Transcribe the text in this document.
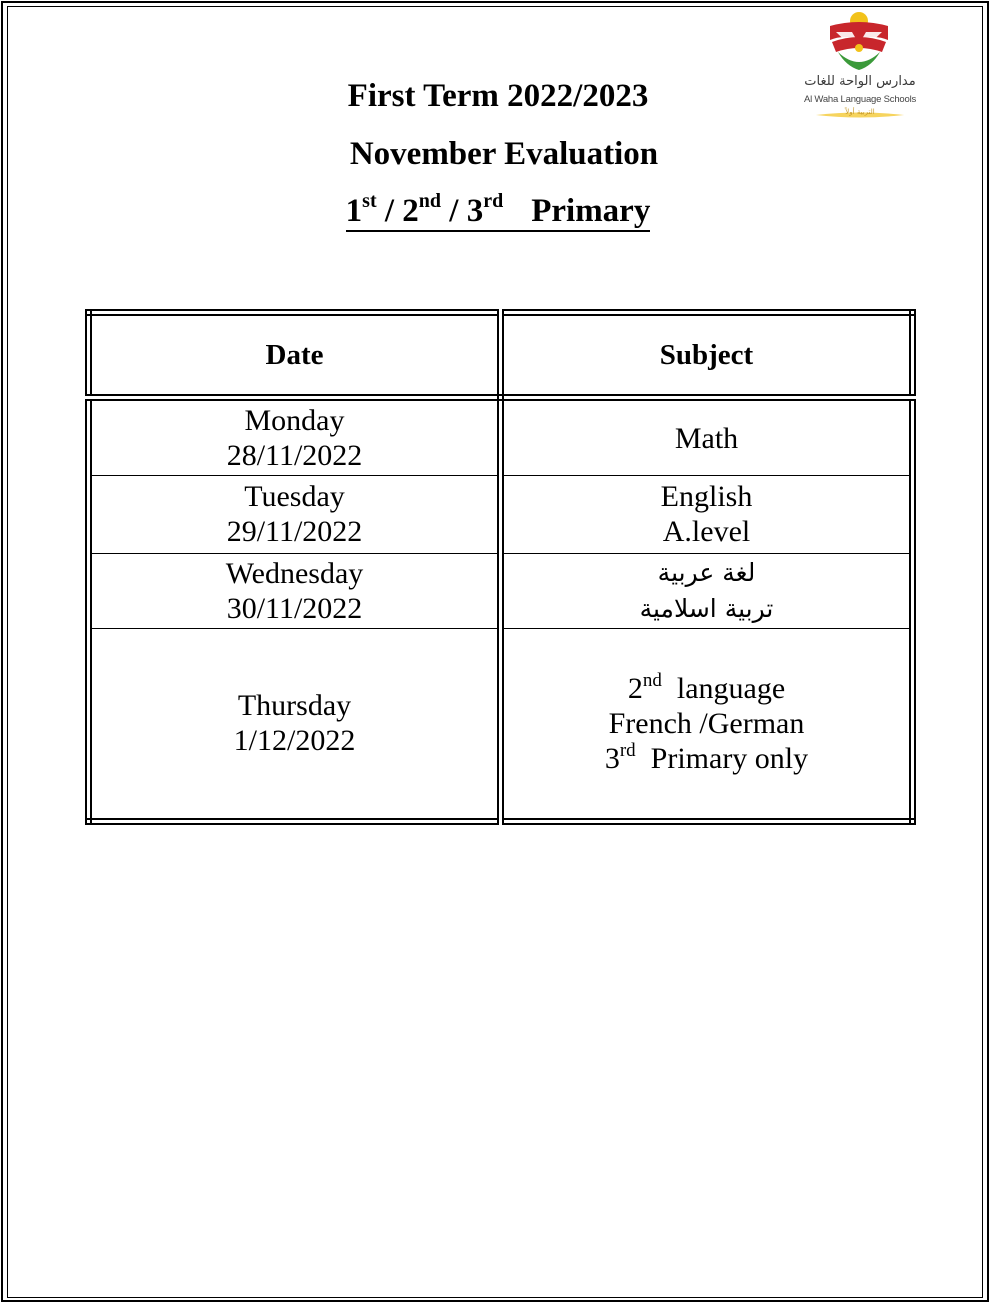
مدارس الواحة للغات
Al Waha Language Schools
التربية أولاً
First Term 2022/2023
November Evaluation
1st / 2nd / 3rd Primary
Date	Subject

Monday
28/11/2022	Math

Tuesday
29/11/2022	English
A.level

Wednesday
30/11/2022	لغة عربية
تربية اسلامية

Thursday
1/12/2022	2nd language
French /German
3rd Primary only
